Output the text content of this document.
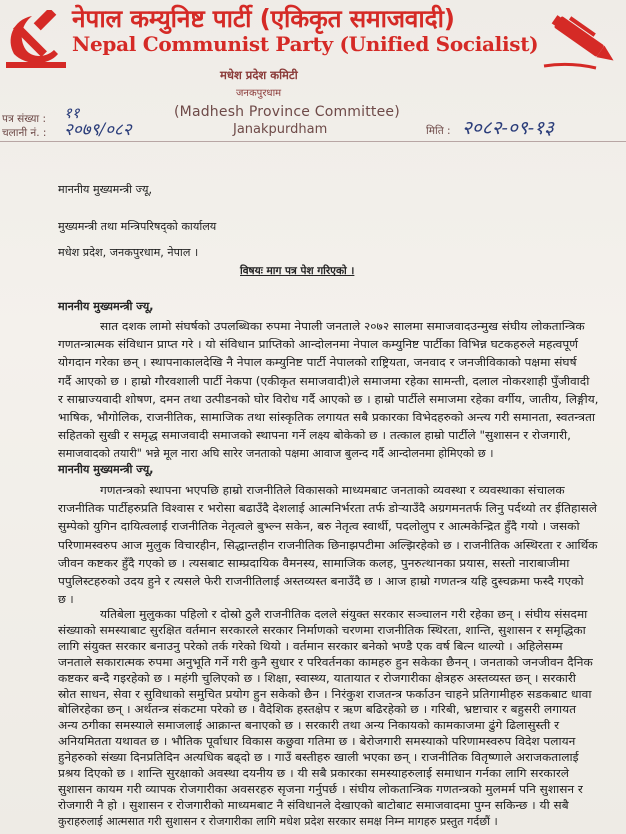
नेपाल कम्युनिष्ट पार्टी (एकिकृत समाजवादी)
Nepal Communist Party (Unified Socialist)
मधेश प्रदेश कमिटी
जनकपुरधाम
(Madhesh Province Committee)
Janakpurdham
पत्र संख्या : ११
चलानी नं. : २०७९/०८२	मिति : २०८२-०९-१३
माननीय मुख्यमन्त्री ज्यू,
मुख्यमन्त्री तथा मन्त्रिपरिषद्को कार्यालय
मधेश प्रदेश, जनकपुरधाम, नेपाल ।
विषयः माग पत्र पेश गरिएको ।
माननीय मुख्यमन्त्री ज्यू,
सात दशक लामो संघर्षको उपलब्धिका रुपमा नेपाली जनताले २०७२ सालमा समाजवादउन्मुख संघीय लोकतान्त्रिक
गणतन्त्रात्मक संविधान प्राप्त गरे । यो संविधान प्राप्तिको आन्दोलनमा नेपाल कम्युनिष्ट पार्टीका विभिन्न घटकहरुले महत्वपूर्ण
योगदान गरेका छन् । स्थापनाकालदेखि नै नेपाल कम्युनिष्ट पार्टी नेपालको राष्ट्रियता, जनवाद र जनजीविकाको पक्षमा संघर्ष
गर्दै आएको छ । हाम्रो गौरवशाली पार्टी नेकपा (एकीकृत समाजवादी)ले समाजमा रहेका सामन्ती, दलाल नोकरशाही पुँजीवादी
र साम्राज्यवादी शोषण, दमन तथा उत्पीडनको घोर विरोध गर्दै आएको छ । हाम्रो पार्टीले समाजमा रहेका वर्गीय, जातीय, लिङ्गीय,
भाषिक, भौगोलिक, राजनीतिक, सामाजिक तथा सांस्कृतिक लगायत सबै प्रकारका विभेदहरुको अन्त्य गरी समानता, स्वतन्त्रता
सहितको सुखी र समृद्ध समाजवादी समाजको स्थापना गर्ने लक्ष्य बोकेको छ । तत्काल हाम्रो पार्टीले "सुशासन र रोजगारी,
समाजवादको तयारी" भन्ने मूल नारा अघि सारेर जनताको पक्षमा आवाज बुलन्द गर्दै आन्दोलनमा होमिएको छ ।
माननीय मुख्यमन्त्री ज्यू,
गणतन्त्रको स्थापना भएपछि हाम्रो राजनीतिले विकासको माध्यमबाट जनताको व्यवस्था र व्यवस्थाका संचालक
राजनीतिक पार्टीहरुप्रति विश्वास र भरोसा बढाउँदै देशलाई आत्मनिर्भरता तर्फ डोऱ्याउँदै अग्रगमनतर्फ लिनु पर्दथ्यो तर ईतिहासले
सुम्पेको युगिन दायित्वलाई राजनीतिक नेतृत्वले बुभ्ल्न सकेन, बरु नेतृत्व स्वार्थी, पदलोलुप र आत्मकेन्द्रित हुँदै गयो । जसको
परिणामस्वरुप आज मुलुक विचारहीन, सिद्धान्तहीन राजनीतिक छिनाझपटीमा अल्झिरहेको छ । राजनीतिक अस्थिरता र आर्थिक
जीवन कष्टकर हुँदै गएको छ । त्यसबाट साम्प्रदायिक वैमनस्य, सामाजिक कलह, पुनरुत्थानका प्रयास, सस्तो नाराबाजीमा
पपुलिस्टहरुको उदय हुने र त्यसले फेरी राजनीतिलाई अस्तव्यस्त बनाउँदै छ । आज हाम्रो गणतन्त्र यहि दुस्चक्रमा फस्दै गएको
छ ।
यतिबेला मुलुकका पहिलो र दोस्रो ठुलै राजनीतिक दलले संयुक्त सरकार सञ्चालन गरी रहेका छन् । संघीय संसदमा
संख्याको समस्याबाट सुरक्षित वर्तमान सरकारले सरकार निर्माणको चरणमा राजनीतिक स्थिरता, शान्ति, सुशासन र समृद्धिका
लागि संयुक्त सरकार बनाउनु परेको तर्क गरेको थियो । वर्तमान सरकार बनेको भण्डै एक वर्ष बित्न थाल्यो । अहिलेसम्म
जनताले सकारात्मक रुपमा अनुभूति गर्ने गरी कुनै सुधार र परिवर्तनका कामहरु हुन सकेका छैनन् । जनताको जनजीवन दैनिक
कष्टकर बन्दै गइरहेको छ । महंगी चुलिएको छ । शिक्षा, स्वास्थ्य, यातायात र रोजगारीका क्षेत्रहरु अस्तव्यस्त छन् । सरकारी
स्रोत साधन, सेवा र सुविधाको समुचित प्रयोग हुन सकेको छैन । निरंकुश राजतन्त्र फर्काउन चाहने प्रतिगामीहरु सडकबाट धावा
बोलिरहेका छन् । अर्थतन्त्र संकटमा परेको छ । वैदेशिक हस्तक्षेप र ऋण बढिरहेको छ । गरिबी, भ्रष्टाचार र बहुसरी लगायत
अन्य ठगीका समस्याले समाजलाई आक्रान्त बनाएको छ । सरकारी तथा अन्य निकायको कामकाजमा ढुंगे ढिलासुस्ती र
अनियमितता यथावत छ । भौतिक पूर्वाधार विकास कछुवा गतिमा छ । बेरोजगारी समस्याको परिणामस्वरुप विदेश पलायन
हुनेहरुको संख्या दिनप्रतिदिन अत्यधिक बढ्दो छ । गाउँ बस्तीहरु खाली भएका छन् । राजनीतिक वितृष्णाले अराजकतालाई
प्रश्रय दिएको छ । शान्ति सुरक्षाको अवस्था दयनीय छ । यी सबै प्रकारका समस्याहरुलाई समाधान गर्नका लागि सरकारले
सुशासन कायम गरी व्यापक रोजगारीका अवसरहरु सृजना गर्नुपर्छ । संघीय लोकतान्त्रिक गणतन्त्रको मुलमर्म पनि सुशासन र
रोजगारी नै हो । सुशासन र रोजगारीको माध्यमबाट नै संविधानले देखाएको बाटोबाट समाजवादमा पुग्न सकिन्छ । यी सबै
कुराहरुलाई आत्मसात गरी सुशासन र रोजगारीका लागि मधेश प्रदेश सरकार समक्ष निम्न मागहरु प्रस्तुत गर्दछौं ।
